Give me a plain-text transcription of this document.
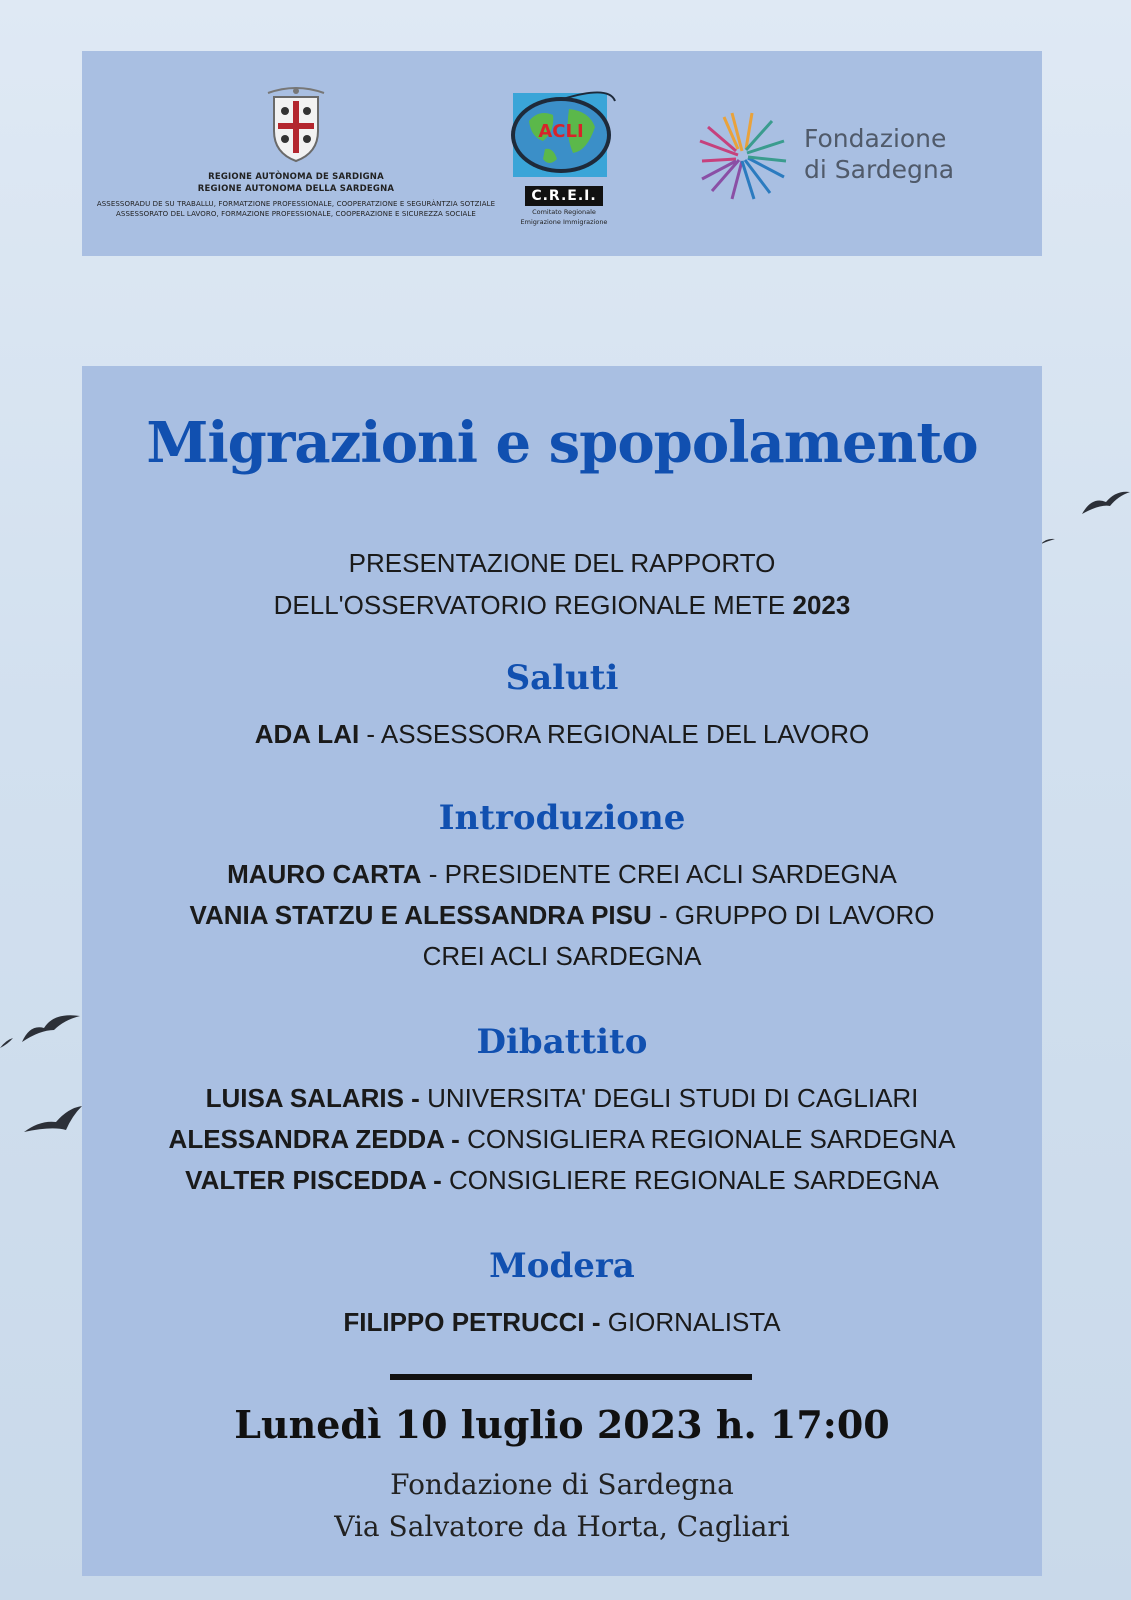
REGIONE AUTÒNOMA DE SARDIGNA
REGIONE AUTONOMA DELLA SARDEGNA
ASSESSORADU DE SU TRABALLU, FORMATZIONE PROFESSIONALE, COOPERATZIONE E SEGURÀNTZIA SOTZIALE
ASSESSORATO DEL LAVORO, FORMAZIONE PROFESSIONALE, COOPERAZIONE E SICUREZZA SOCIALE
ACLI
C.R.E.I.
Comitato Regionale
Emigrazione Immigrazione
Fondazione
di Sardegna
Migrazioni e spopolamento
PRESENTAZIONE DEL RAPPORTO
DELL'OSSERVATORIO REGIONALE METE 2023
Saluti
ADA LAI - ASSESSORA REGIONALE DEL LAVORO
Introduzione
MAURO CARTA - PRESIDENTE CREI ACLI SARDEGNA
VANIA STATZU E ALESSANDRA PISU - GRUPPO DI LAVORO
CREI ACLI SARDEGNA
Dibattito
LUISA SALARIS - UNIVERSITA' DEGLI STUDI DI CAGLIARI
ALESSANDRA ZEDDA - CONSIGLIERA REGIONALE SARDEGNA
VALTER PISCEDDA - CONSIGLIERE REGIONALE SARDEGNA
Modera
FILIPPO PETRUCCI - GIORNALISTA
Lunedì 10 luglio 2023 h. 17:00
Fondazione di Sardegna
Via Salvatore da Horta, Cagliari
